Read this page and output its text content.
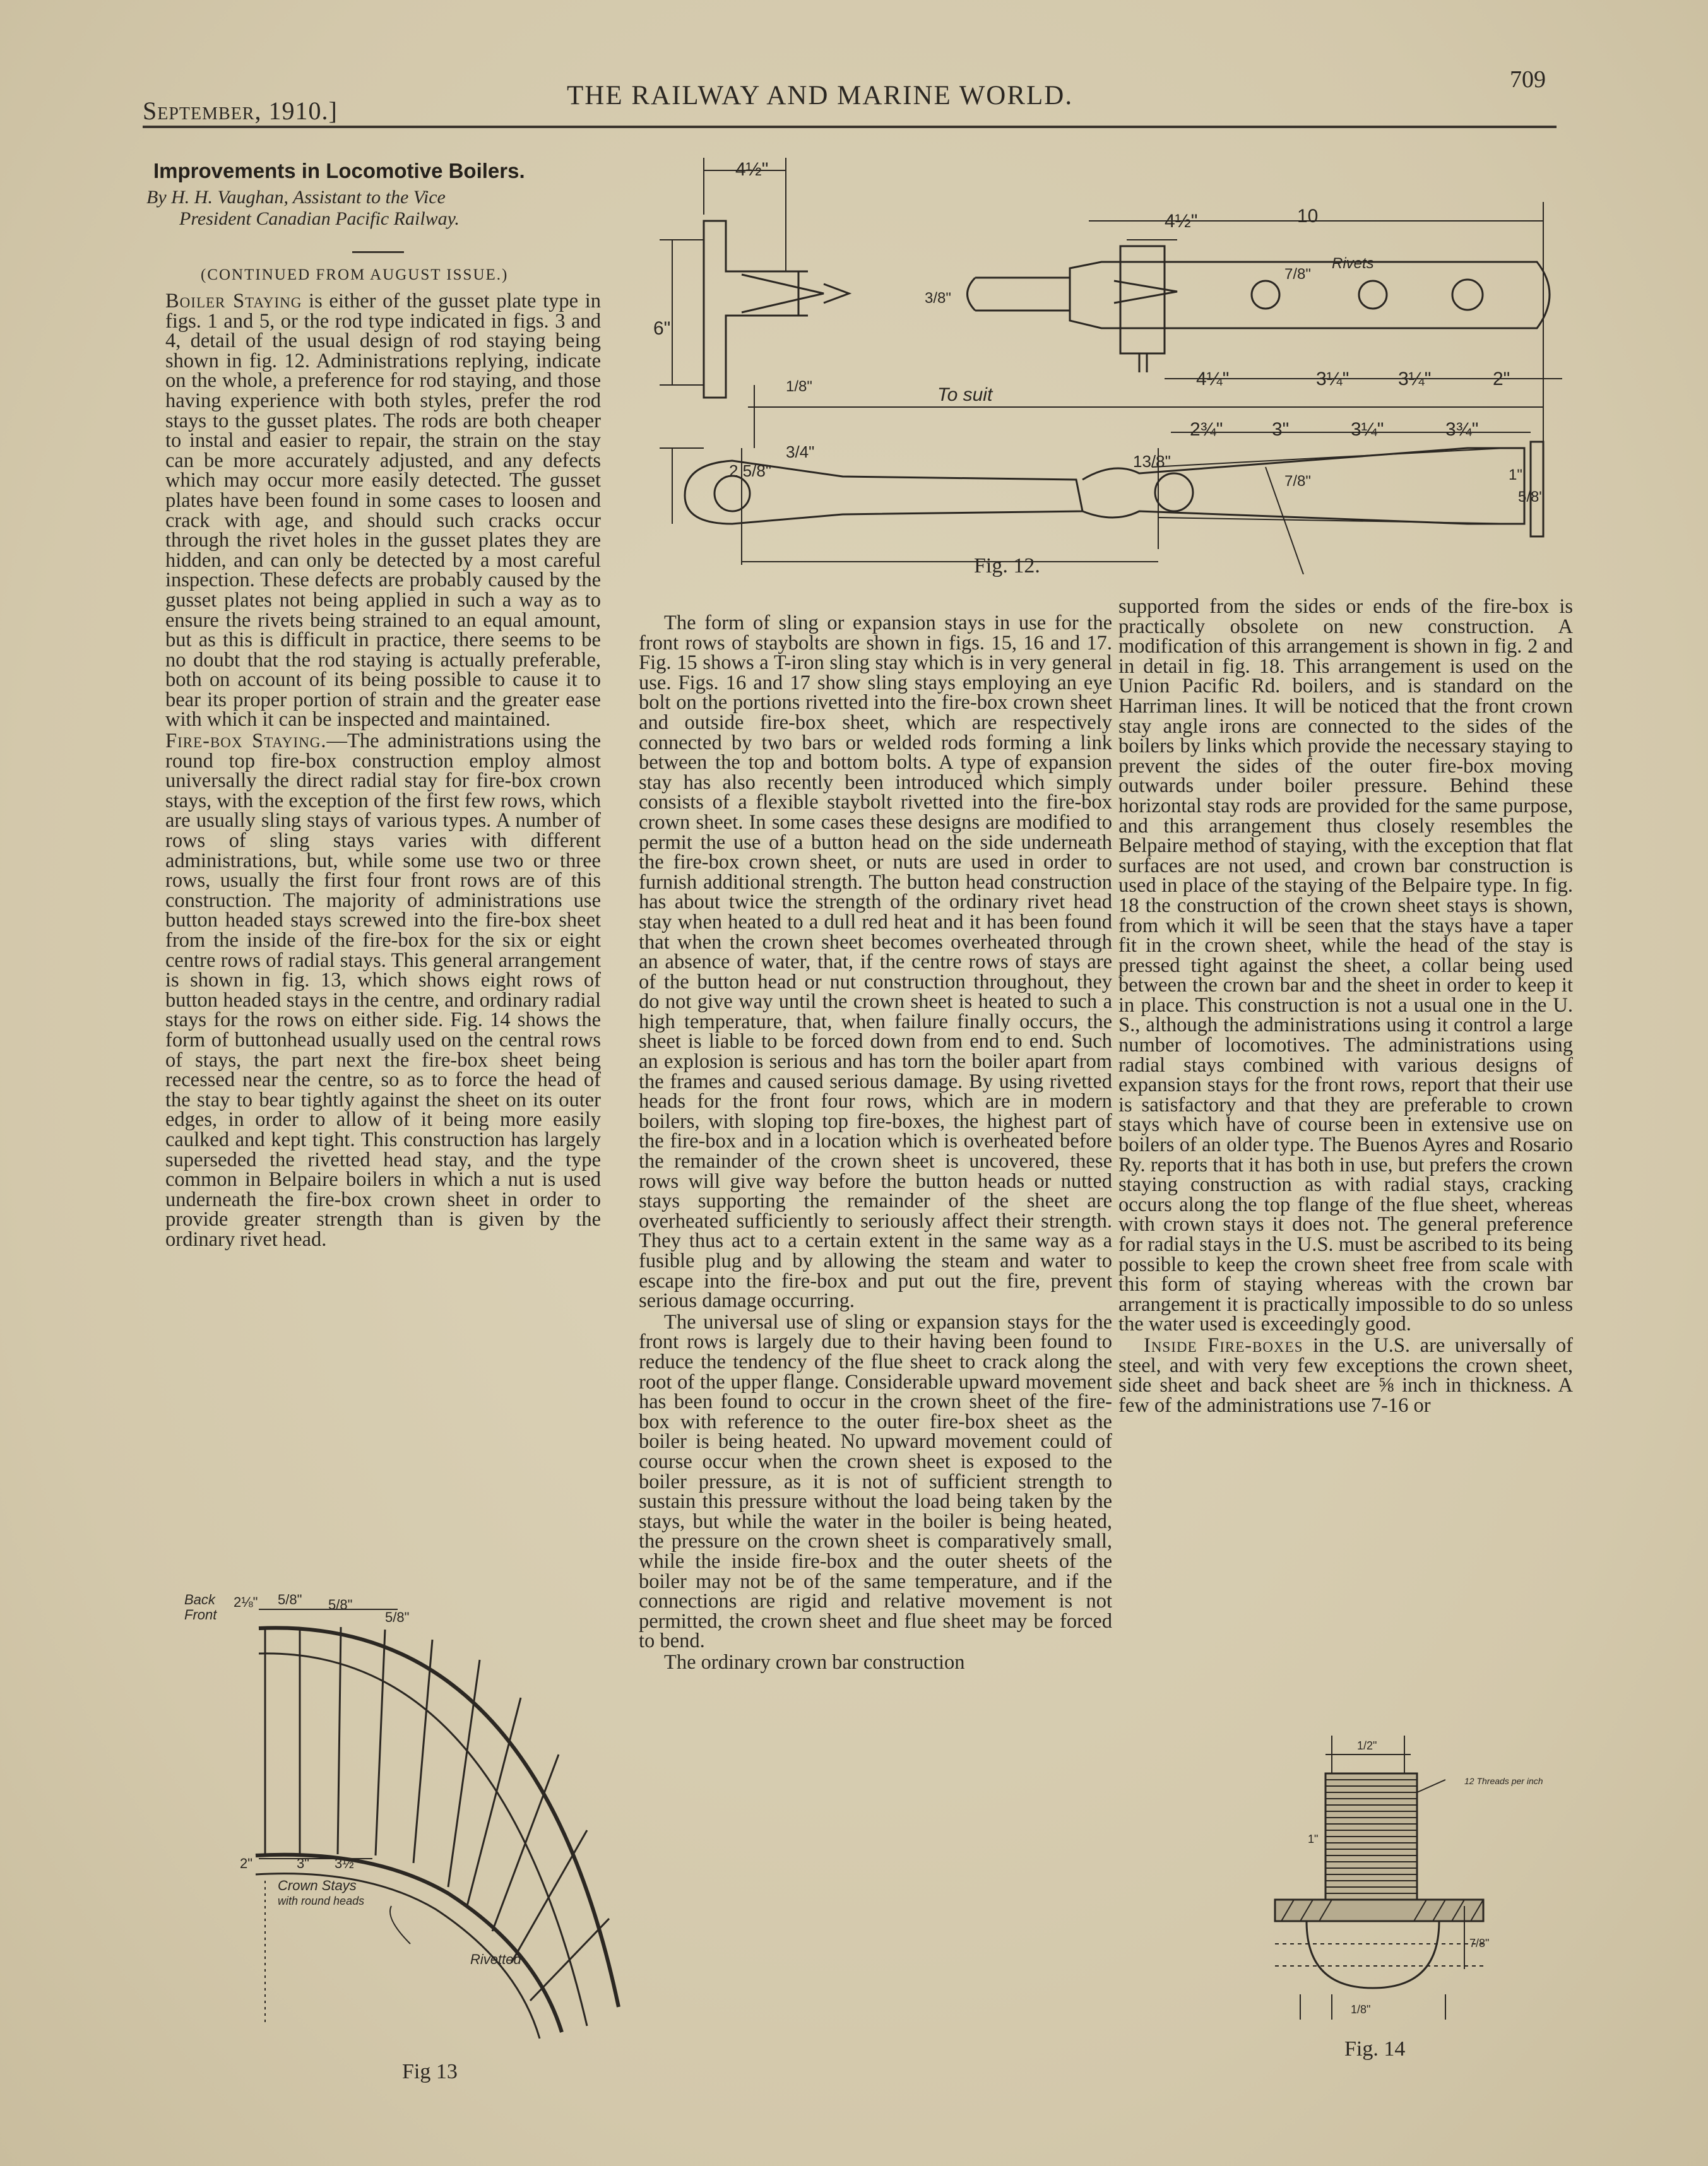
September, 1910.]
THE RAILWAY AND MARINE WORLD.
709
Improvements in Locomotive Boilers.
By H. H. Vaughan, Assistant to the Vice
President Canadian Pacific Railway.
(CONTINUED FROM AUGUST ISSUE.)

Boiler Staying is either of the gusset plate type in figs. 1 and 5, or the rod type indicated in figs. 3 and 4, detail of the usual design of rod staying being shown in fig. 12. Administrations replying, indicate on the whole, a preference for rod staying, and those having experience with both styles, prefer the rod stays to the gusset plates. The rods are both cheaper to instal and easier to repair, the strain on the stay can be more accurately adjusted, and any defects which may occur more easily detected. The gusset plates have been found in some cases to loosen and crack with age, and should such cracks occur through the rivet holes in the gusset plates they are hidden, and can only be detected by a most careful inspection. These defects are probably caused by the gusset plates not being applied in such a way as to ensure the rivets being strained to an equal amount, but as this is difficult in practice, there seems to be no doubt that the rod staying is actually preferable, both on account of its being possible to cause it to bear its proper portion of strain and the greater ease with which it can be inspected and maintained.

Fire-box Staying.—The administrations using the round top fire-box construction employ almost universally the direct radial stay for fire-box crown stays, with the exception of the first few rows, which are usually sling stays of various types. A number of rows of sling stays varies with different administrations, but, while some use two or three rows, usually the first four front rows are of this construction. The majority of administrations use button headed stays screwed into the fire-box sheet from the inside of the fire-box for the six or eight centre rows of radial stays. This general arrangement is shown in fig. 13, which shows eight rows of button headed stays in the centre, and ordinary radial stays for the rows on either side. Fig. 14 shows the form of buttonhead usually used on the central rows of stays, the part next the fire-box sheet being recessed near the centre, so as to force the head of the stay to bear tightly against the sheet on its outer edges, in order to allow of it being more easily caulked and kept tight. This construction has largely superseded the rivetted head stay, and the type common in Belpaire boilers in which a nut is used underneath the fire-box crown sheet in order to provide greater strength than is given by the ordinary rivet head.

The form of sling or expansion stays in use for the front rows of staybolts are shown in figs. 15, 16 and 17. Fig. 15 shows a T-iron sling stay which is in very general use. Figs. 16 and 17 show sling stays employing an eye bolt on the portions rivetted into the fire-box crown sheet and outside fire-box sheet, which are respectively connected by two bars or welded rods forming a link between the top and bottom bolts. A type of expansion stay has also recently been introduced which simply consists of a flexible staybolt rivetted into the fire-box crown sheet. In some cases these designs are modified to permit the use of a button head on the side underneath the fire-box crown sheet, or nuts are used in order to furnish additional strength. The button head construction has about twice the strength of the ordinary rivet head stay when heated to a dull red heat and it has been found that when the crown sheet becomes overheated through an absence of water, that, if the centre rows of stays are of the button head or nut construction throughout, they do not give way until the crown sheet is heated to such a high temperature, that, when failure finally occurs, the sheet is liable to be forced down from end to end. Such an explosion is serious and has torn the boiler apart from the frames and caused serious damage. By using rivetted heads for the front four rows, which are in modern boilers, with sloping top fire-boxes, the highest part of the fire-box and in a location which is overheated before the remainder of the crown sheet is uncovered, these rows will give way before the button heads or nutted stays supporting the remainder of the sheet are overheated sufficiently to seriously affect their strength. They thus act to a certain extent in the same way as a fusible plug and by allowing the steam and water to escape into the fire-box and put out the fire, prevent serious damage occurring.

The universal use of sling or expansion stays for the front rows is largely due to their having been found to reduce the tendency of the flue sheet to crack along the root of the upper flange. Considerable upward movement has been found to occur in the crown sheet of the fire-box with reference to the outer fire-box sheet as the boiler is being heated. No upward movement could of course occur when the crown sheet is exposed to the boiler pressure, as it is not of sufficient strength to sustain this pressure without the load being taken by the stays, but while the water in the boiler is being heated, the pressure on the crown sheet is comparatively small, while the inside fire-box and the outer sheets of the boiler may not be of the same temperature, and if the connections are rigid and relative movement is not permitted, the crown sheet and flue sheet may be forced to bend.

The ordinary crown bar construction

supported from the sides or ends of the fire-box is practically obsolete on new construction. A modification of this arrangement is shown in fig. 2 and in detail in fig. 18. This arrangement is used on the Union Pacific Rd. boilers, and is standard on the Harriman lines. It will be noticed that the front crown stay angle irons are connected to the sides of the boilers by links which provide the necessary staying to prevent the sides of the outer fire-box moving outwards under boiler pressure. Behind these horizontal stay rods are provided for the same purpose, and this arrangement thus closely resembles the Belpaire method of staying, with the exception that flat surfaces are not used, and crown bar construction is used in place of the staying of the Belpaire type. In fig. 18 the construction of the crown sheet stays is shown, from which it will be seen that the stays have a taper fit in the crown sheet, while the head of the stay is pressed tight against the sheet, a collar being used between the crown bar and the sheet in order to keep it in place. This construction is not a usual one in the U. S., although the administrations using it control a large number of locomotives. The administrations using radial stays combined with various designs of expansion stays for the front rows, report that their use is satisfactory and that they are preferable to crown stays which have of course been in extensive use on boilers of an older type. The Buenos Ayres and Rosario Ry. reports that it has both in use, but prefers the crown staying construction as with radial stays, cracking occurs along the top flange of the flue sheet, whereas with crown stays it does not. The general preference for radial stays in the U.S. must be ascribed to its being possible to keep the crown sheet free from scale with this form of staying whereas with the crown bar arrangement it is practically impossible to do so unless the water used is exceedingly good.

Inside Fire-boxes in the U.S. are universally of steel, and with very few exceptions the crown sheet, side sheet and back sheet are ⅝ inch in thickness. A few of the administrations use 7-16 or

4½"
4½"	10
6"
7/8"
Rivets
To suit
4¼"	3¼"	3¼"	2"
2¾"	3"	3¼"	3¾"
3/8"
1/8"
2 5/8"
3/4"	13/8"
7/8"	1"
5/8"
Fig. 12.
Back
Front
2⅛" 5/8" 5/8"
5/8"
2"	3" 3½"
Crown Stays
with round heads
Rivetted
Fig 13
12 Threads per inch
1/2"
1"
7/8"
1/8"
Fig. 14
